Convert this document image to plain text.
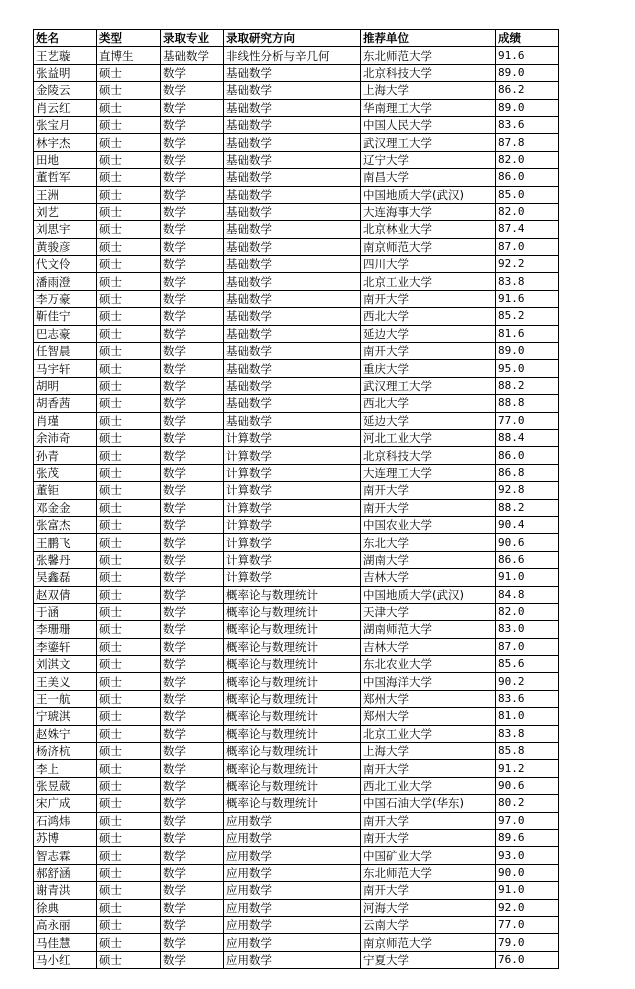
姓名	类型	录取专业	录取研究方向	推荐单位	成绩
王艺璇	直博生	基础数学	非线性分析与辛几何	东北师范大学	91.6
张益明	硕士	数学	基础数学	北京科技大学	89.0
金陵云	硕士	数学	基础数学	上海大学	86.2
肖云红	硕士	数学	基础数学	华南理工大学	89.0
张宝月	硕士	数学	基础数学	中国人民大学	83.6
林宇杰	硕士	数学	基础数学	武汉理工大学	87.8
田地	硕士	数学	基础数学	辽宁大学	82.0
董哲军	硕士	数学	基础数学	南昌大学	86.0
王洲	硕士	数学	基础数学	中国地质大学(武汉)	85.0
刘艺	硕士	数学	基础数学	大连海事大学	82.0
刘思宇	硕士	数学	基础数学	北京林业大学	87.4
黄骏彦	硕士	数学	基础数学	南京师范大学	87.0
代文伶	硕士	数学	基础数学	四川大学	92.2
潘雨澄	硕士	数学	基础数学	北京工业大学	83.8
李万豪	硕士	数学	基础数学	南开大学	91.6
靳佳宁	硕士	数学	基础数学	西北大学	85.2
巴志豪	硕士	数学	基础数学	延边大学	81.6
任智晨	硕士	数学	基础数学	南开大学	89.0
马宇轩	硕士	数学	基础数学	重庆大学	95.0
胡明	硕士	数学	基础数学	武汉理工大学	88.2
胡香茜	硕士	数学	基础数学	西北大学	88.8
肖瑾	硕士	数学	基础数学	延边大学	77.0
余沛奇	硕士	数学	计算数学	河北工业大学	88.4
孙青	硕士	数学	计算数学	北京科技大学	86.0
张茂	硕士	数学	计算数学	大连理工大学	86.8
董钜	硕士	数学	计算数学	南开大学	92.8
邓金金	硕士	数学	计算数学	南开大学	88.2
张富杰	硕士	数学	计算数学	中国农业大学	90.4
王鹏飞	硕士	数学	计算数学	东北大学	90.6
张馨丹	硕士	数学	计算数学	湖南大学	86.6
吴鑫磊	硕士	数学	计算数学	吉林大学	91.0
赵双倩	硕士	数学	概率论与数理统计	中国地质大学(武汉)	84.8
于涵	硕士	数学	概率论与数理统计	天津大学	82.0
李珊珊	硕士	数学	概率论与数理统计	湖南师范大学	83.0
李鎏轩	硕士	数学	概率论与数理统计	吉林大学	87.0
刘淇文	硕士	数学	概率论与数理统计	东北农业大学	85.6
王美义	硕士	数学	概率论与数理统计	中国海洋大学	90.2
王一航	硕士	数学	概率论与数理统计	郑州大学	83.6
宁琥淇	硕士	数学	概率论与数理统计	郑州大学	81.0
赵姝宁	硕士	数学	概率论与数理统计	北京工业大学	83.8
杨济杭	硕士	数学	概率论与数理统计	上海大学	85.8
李上	硕士	数学	概率论与数理统计	南开大学	91.2
张昱葳	硕士	数学	概率论与数理统计	西北工业大学	90.6
宋广成	硕士	数学	概率论与数理统计	中国石油大学(华东)	80.2
石鸿炜	硕士	数学	应用数学	南开大学	97.0
苏博	硕士	数学	应用数学	南开大学	89.6
智志霖	硕士	数学	应用数学	中国矿业大学	93.0
郝舒涵	硕士	数学	应用数学	东北师范大学	90.0
谢青洪	硕士	数学	应用数学	南开大学	91.0
徐典	硕士	数学	应用数学	河海大学	92.0
高永丽	硕士	数学	应用数学	云南大学	77.0
马佳慧	硕士	数学	应用数学	南京师范大学	79.0
马小红	硕士	数学	应用数学	宁夏大学	76.0
